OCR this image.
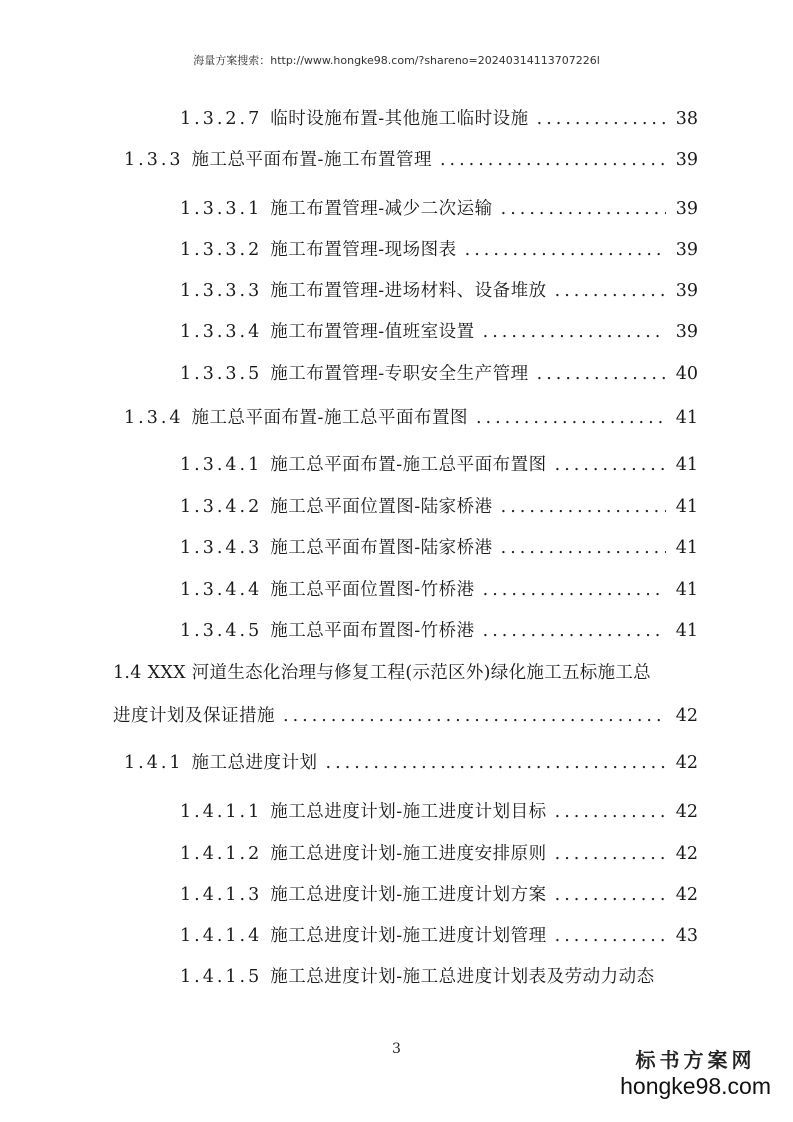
海量方案搜索：http://www.hongke98.com/?shareno=20240314113707226l
1.3.2.7 临时设施布置-其他施工临时设施 .....	38
1.3.3 施工总平面布置-施工布置管理 .....	39
1.3.3.1 施工布置管理-减少二次运输 .....	39
1.3.3.2 施工布置管理-现场图表 .....	39
1.3.3.3 施工布置管理-进场材料、设备堆放 .....	39
1.3.3.4 施工布置管理-值班室设置 .....	39
1.3.3.5 施工布置管理-专职安全生产管理 .....	40
1.3.4 施工总平面布置-施工总平面布置图 .....	41
1.3.4.1 施工总平面布置-施工总平面布置图 .....	41
1.3.4.2 施工总平面位置图-陆家桥港 .....	41
1.3.4.3 施工总平面布置图-陆家桥港 .....	41
1.3.4.4 施工总平面位置图-竹桥港 .....	41
1.3.4.5 施工总平面布置图-竹桥港 .....	41
1.4 XXX 河道生态化治理与修复工程(示范区外)绿化施工五标施工总
进度计划及保证措施 .....	42
1.4.1 施工总进度计划 .....	42
1.4.1.1 施工总进度计划-施工进度计划目标 .....	42
1.4.1.2 施工总进度计划-施工进度安排原则 .....	42
1.4.1.3 施工总进度计划-施工进度计划方案 .....	42
1.4.1.4 施工总进度计划-施工进度计划管理 .....	43
1.4.1.5 施工总进度计划-施工总进度计划表及劳动力动态
3	标书方案网
hongke98.com
